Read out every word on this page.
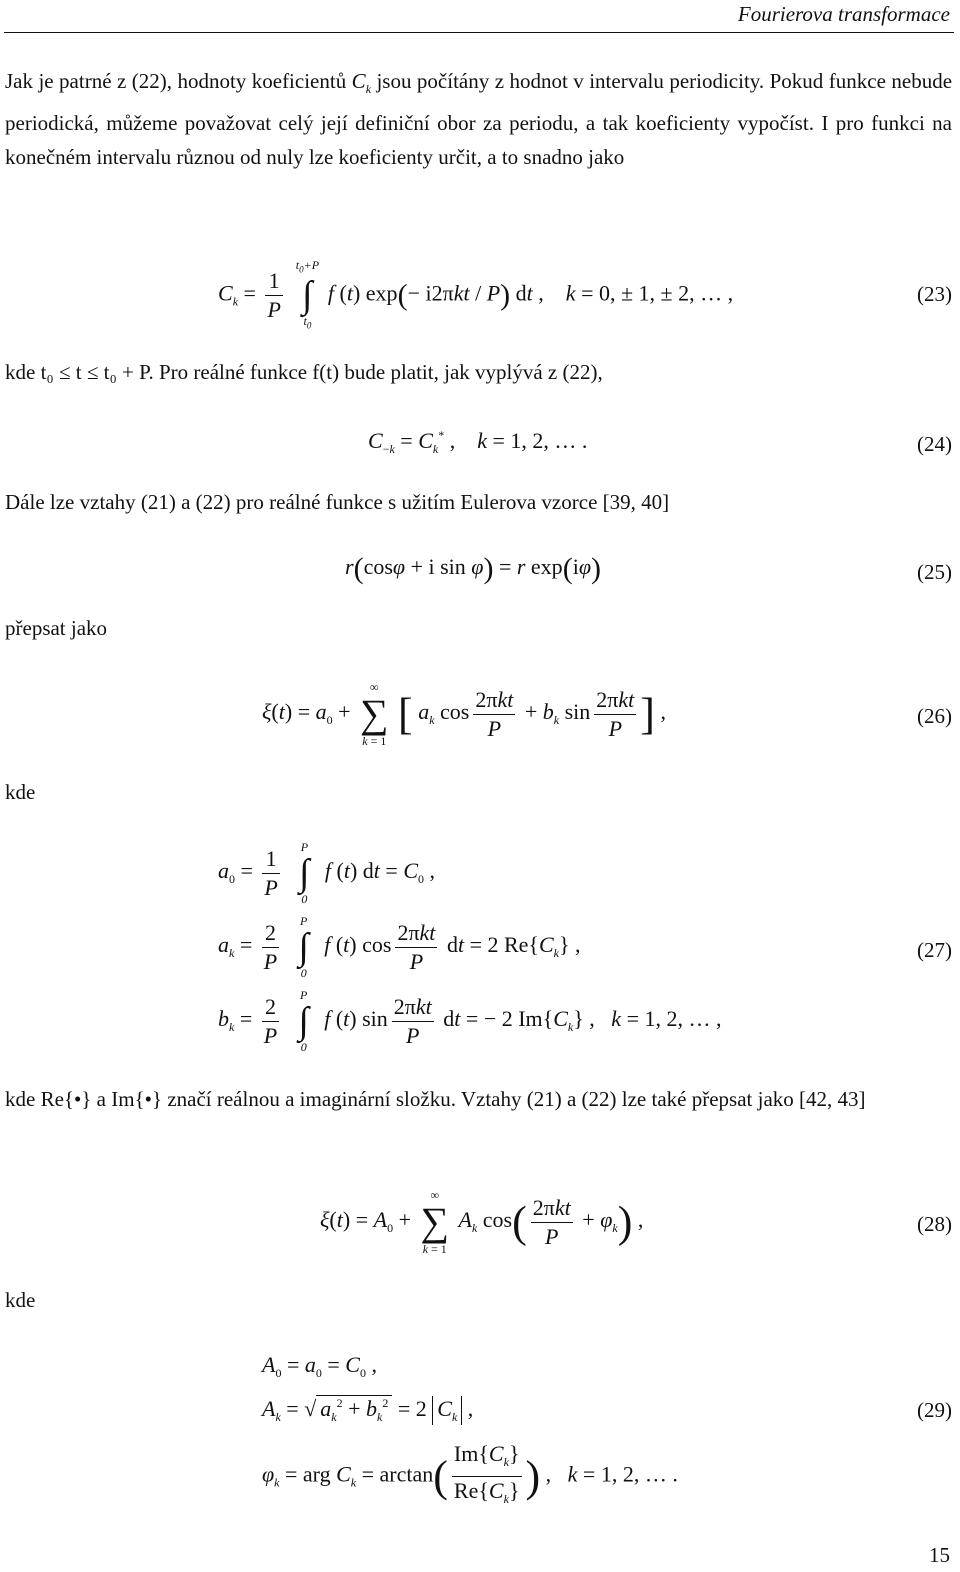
Fourierova transformace
Jak je patrné z (22), hodnoty koeficientů $C_k$ jsou počítány z hodnot v intervalu periodicity. Pokud funkce nebude periodická, můžeme považovat celý její definiční obor za periodu, a tak koeficienty vypočíst. I pro funkci na konečném intervalu různou od nuly lze koeficienty určit, a to snadno jako
$C_k = \frac{1}{P}$

$t_0+P$
∫
$t_0$
f (t) exp(− i2πkt / P) dt ,    k = 0, ± 1, ± 2, … ,	(23)
kde t₀ ≤ t ≤ t₀ + P. Pro reálné funkce f(t) bude platit, jak vyplývá z (22),
$C_{-k} = C_k^*$ ,    k = 1, 2, … .	(24)
Dále lze vztahy (21) a (22) pro reálné funkce s užitím Eulerova vzorce [39, 40]
r(cosφ + i sin φ) = r exp(iφ)	(25)
přepsat jako
$\xi(t) = a_0$ +
∞
∑
k = 1
[ $a_k$ $\cos \frac{\text{2πkt}}{P} + b_k$ $\sin \frac{\text{2πkt}}{P}$ ] ,	(26)
kde
$a_0 = \frac{1}{P}$
	P
∫
0
f (t) dt = $C_0$ ,
$a_k = \frac{2}{P}$
	P
∫
0
f (t) $\cos \frac{\text{2πkt}}{P}$ dt = 2 $Re\{C_k\}$ ,
$b_k = \frac{2}{P}$
	P
∫
0
f (t) $\sin \frac{\text{2πkt}}{P}$ dt = − 2 $Im\{C_k\}$ ,   k = 1, 2, … ,
(27)
kde Re{•} a Im{•} značí reálnou a imaginární složku. Vztahy (21) a (22) lze také přepsat jako [42, 43]
$\xi(t) = A_0$ +
∞
∑
k = 1
$A_k$ $\cos( \frac{\text{2πkt}}{P} + \varphi_k)$ ,	(28)
kde
$A_0 = a_0 = C_0$ ,
$A_k$ = √ $a_k^2 + b_k^2 = 2$ $C_k$ ,
$\varphi_k$ = arg $C_k = \arctan( \frac{Im\{C_k\}}{Re\{C_k\}}$ ) ,   k = 1, 2, … .
(29)
15
